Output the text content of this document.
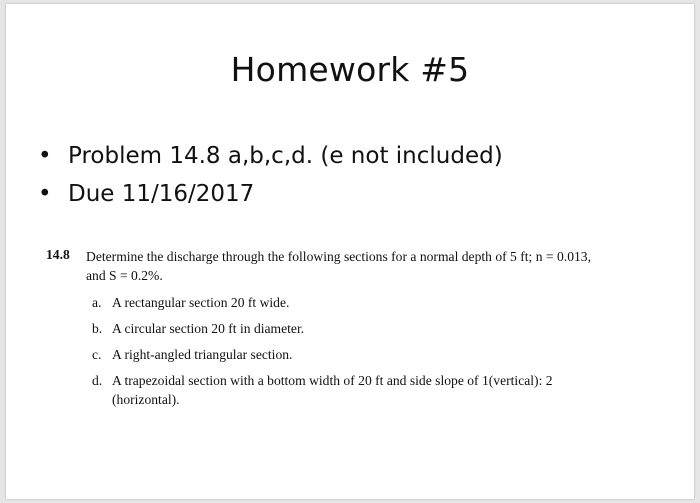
Homework #5
• Problem 14.8 a,b,c,d. (e not included)
• Due 11/16/2017
14.8 Determine the discharge through the following sections for a normal depth of 5 ft; n = 0.013,
and S = 0.2%.
a. A rectangular section 20 ft wide.
b. A circular section 20 ft in diameter.
c. A right-angled triangular section.
d. A trapezoidal section with a bottom width of 20 ft and side slope of 1(vertical): 2
(horizontal).
